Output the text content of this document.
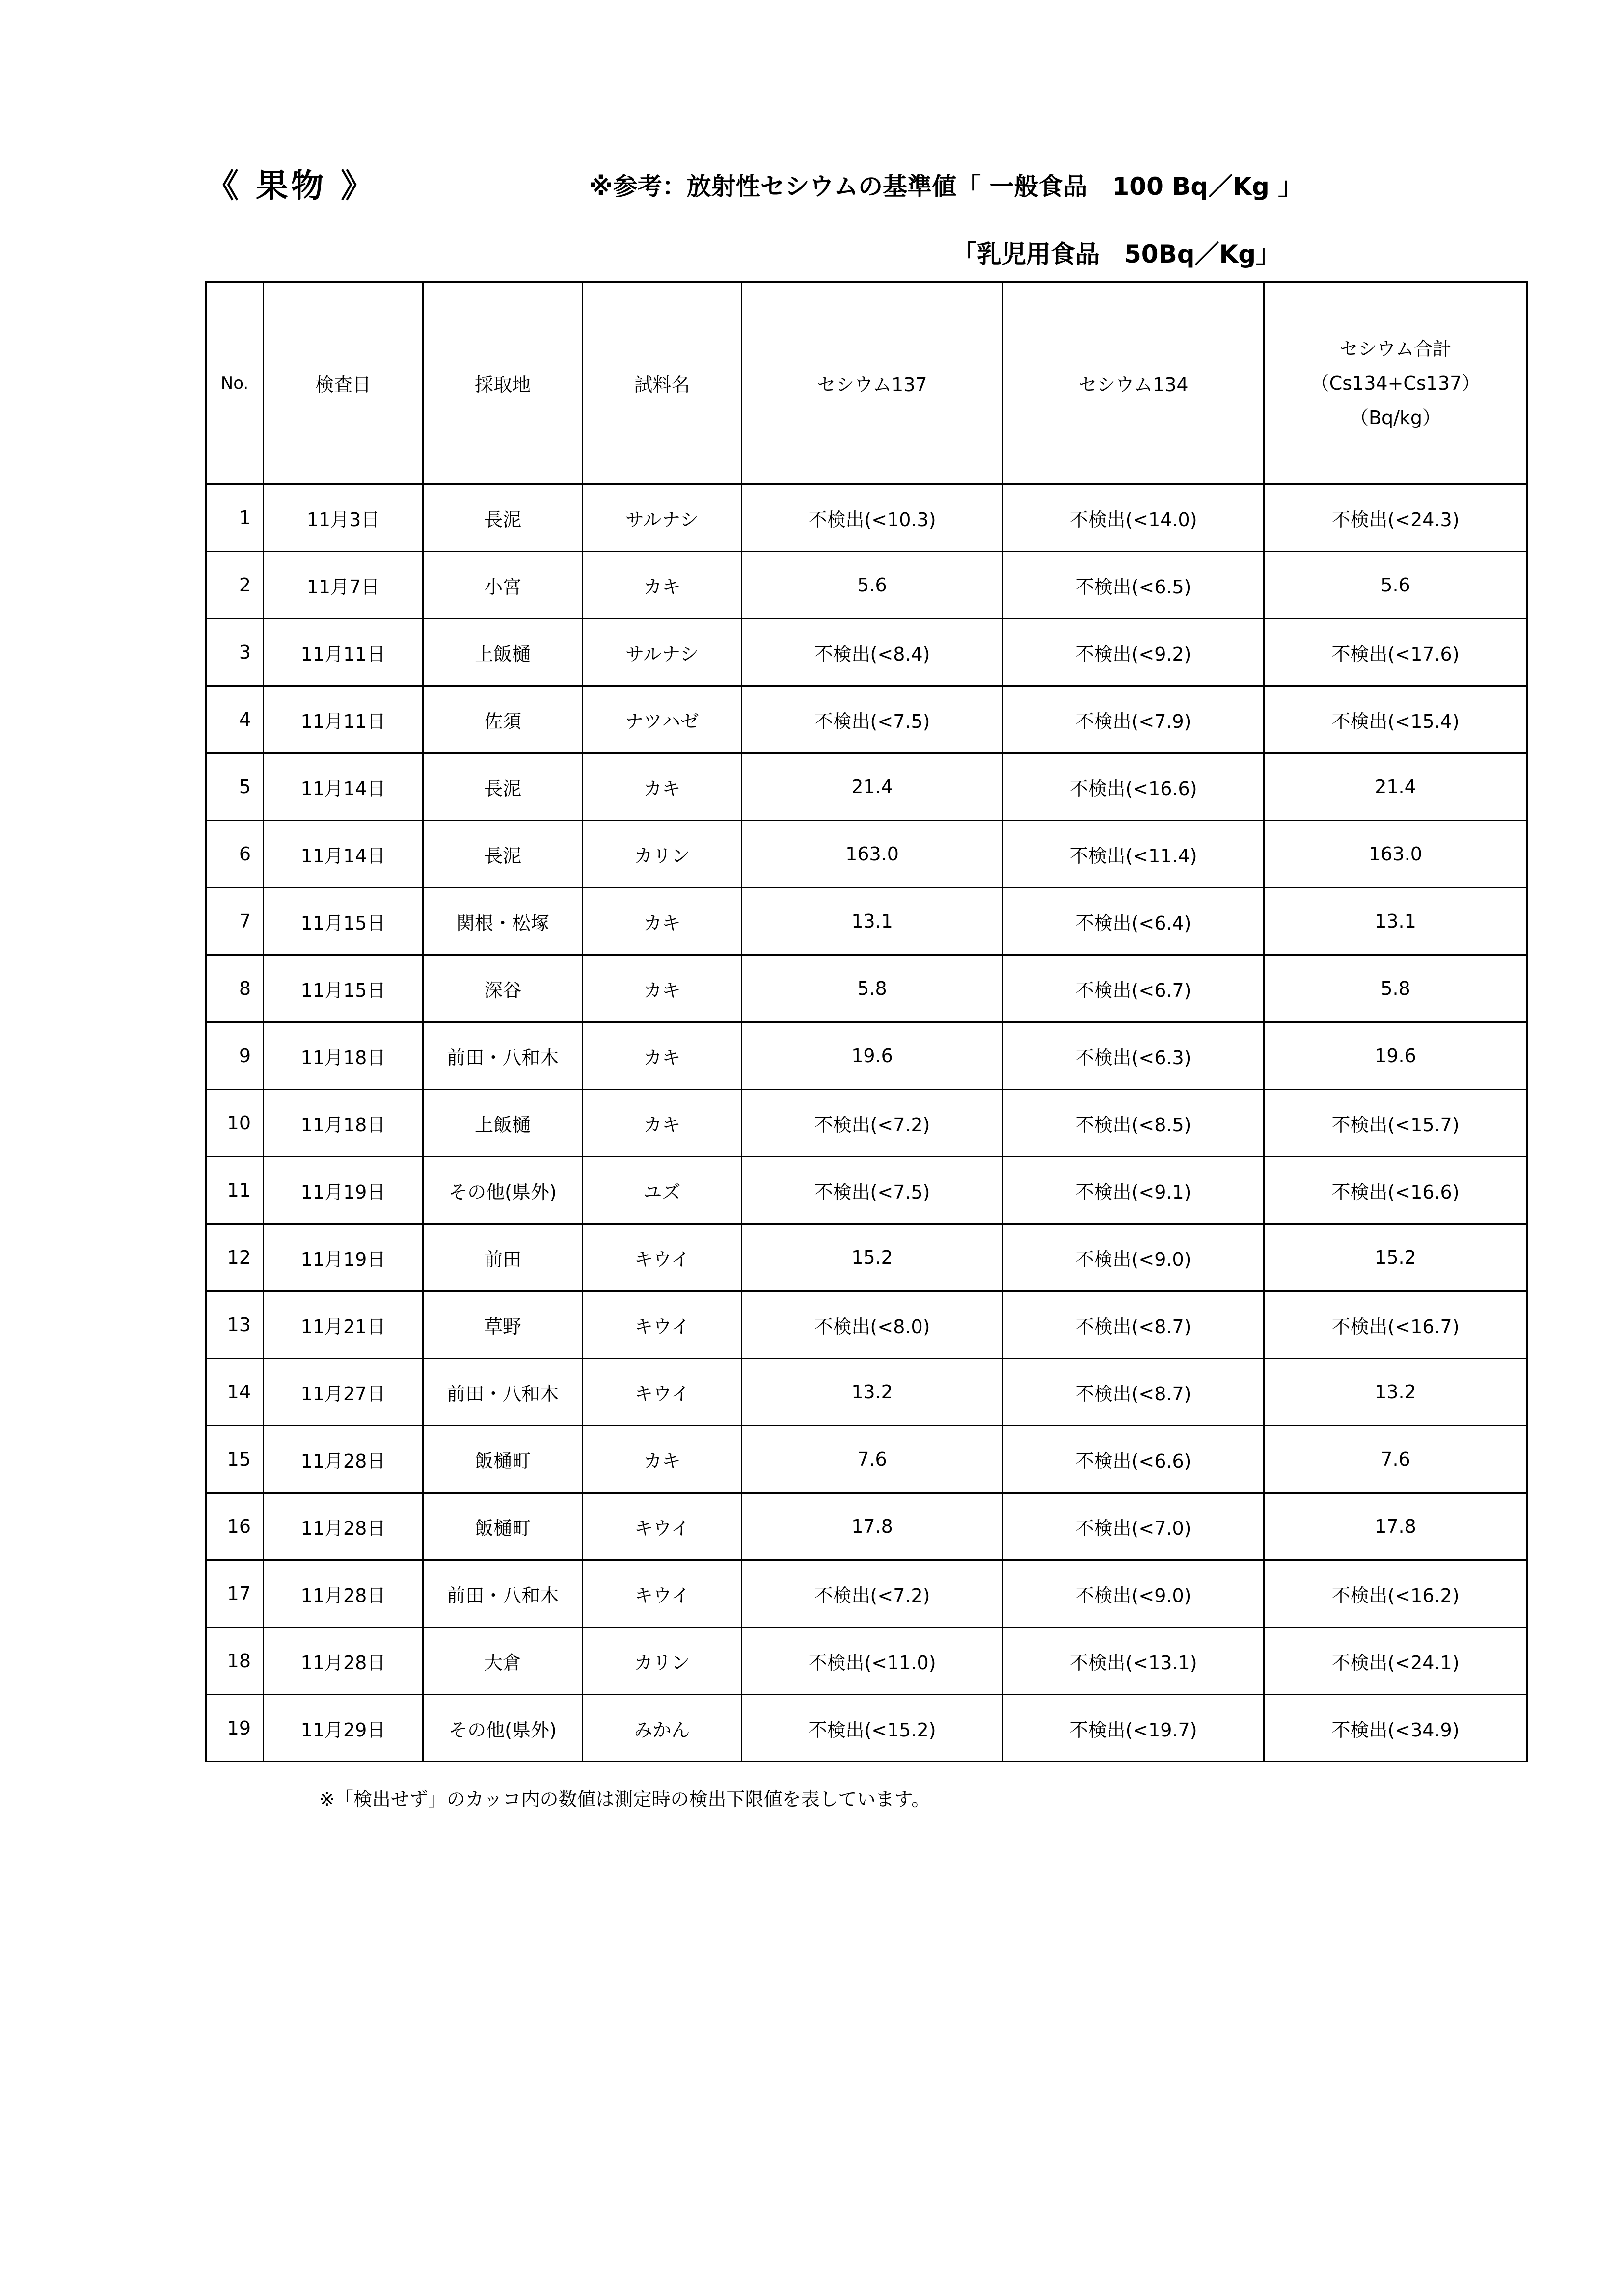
《 果物 》	※参考：放射性セシウムの基準値「 一般食品　100 Bq／Kg 」
「乳児用食品　50Bq／Kg」
No.	検査日	採取地	試料名	セシウム137	セシウム134	セシウム合計
（Cs134+Cs137）
（Bq/kg）

1	11月3日	長泥	サルナシ	不検出(<10.3)	不検出(<14.0)	不検出(<24.3)
2	11月7日	小宮	カキ	5.6	不検出(<6.5)	5.6
3	11月11日	上飯樋	サルナシ	不検出(<8.4)	不検出(<9.2)	不検出(<17.6)
4	11月11日	佐須	ナツハゼ	不検出(<7.5)	不検出(<7.9)	不検出(<15.4)
5	11月14日	長泥	カキ	21.4	不検出(<16.6)	21.4
6	11月14日	長泥	カリン	163.0	不検出(<11.4)	163.0
7	11月15日	関根・松塚	カキ	13.1	不検出(<6.4)	13.1
8	11月15日	深谷	カキ	5.8	不検出(<6.7)	5.8
9	11月18日	前田・八和木	カキ	19.6	不検出(<6.3)	19.6
10	11月18日	上飯樋	カキ	不検出(<7.2)	不検出(<8.5)	不検出(<15.7)
11	11月19日	その他(県外)	ユズ	不検出(<7.5)	不検出(<9.1)	不検出(<16.6)
12	11月19日	前田	キウイ	15.2	不検出(<9.0)	15.2
13	11月21日	草野	キウイ	不検出(<8.0)	不検出(<8.7)	不検出(<16.7)
14	11月27日	前田・八和木	キウイ	13.2	不検出(<8.7)	13.2
15	11月28日	飯樋町	カキ	7.6	不検出(<6.6)	7.6
16	11月28日	飯樋町	キウイ	17.8	不検出(<7.0)	17.8
17	11月28日	前田・八和木	キウイ	不検出(<7.2)	不検出(<9.0)	不検出(<16.2)
18	11月28日	大倉	カリン	不検出(<11.0)	不検出(<13.1)	不検出(<24.1)
19	11月29日	その他(県外)	みかん	不検出(<15.2)	不検出(<19.7)	不検出(<34.9)
※「検出せず」のカッコ内の数値は測定時の検出下限値を表しています。
